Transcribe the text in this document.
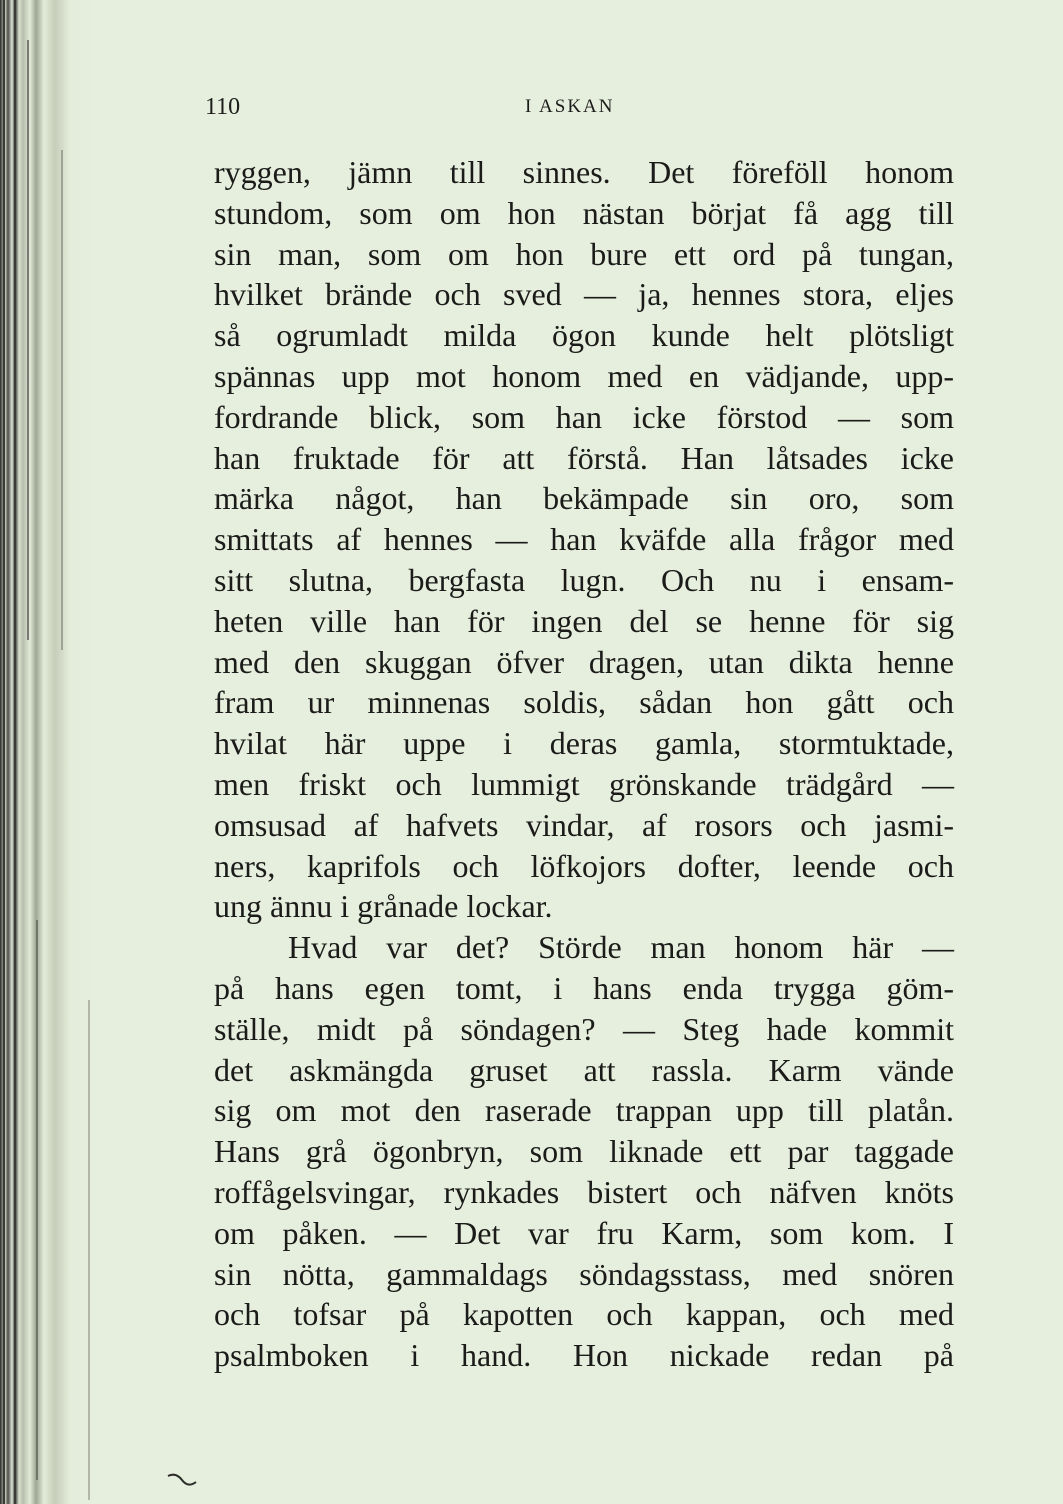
110	I ASKAN
ryggen, jämn till sinnes. Det föreföll honom
stundom, som om hon nästan börjat få agg till
sin man, som om hon bure ett ord på tungan,
hvilket brände och sved — ja, hennes stora, eljes
så ogrumladt milda ögon kunde helt plötsligt
spännas upp mot honom med en vädjande, upp-
fordrande blick, som han icke förstod — som
han fruktade för att förstå. Han låtsades icke
märka något, han bekämpade sin oro, som
smittats af hennes — han kväfde alla frågor med
sitt slutna, bergfasta lugn. Och nu i ensam-
heten ville han för ingen del se henne för sig
med den skuggan öfver dragen, utan dikta henne
fram ur minnenas soldis, sådan hon gått och
hvilat här uppe i deras gamla, stormtuktade,
men friskt och lummigt grönskande trädgård —
omsusad af hafvets vindar, af rosors och jasmi-
ners, kaprifols och löfkojors dofter, leende och
ung ännu i grånade lockar.
Hvad var det? Störde man honom här —
på hans egen tomt, i hans enda trygga göm-
ställe, midt på söndagen? — Steg hade kommit
det askmängda gruset att rassla. Karm vände
sig om mot den raserade trappan upp till platån.
Hans grå ögonbryn, som liknade ett par taggade
roffågelsvingar, rynkades bistert och näfven knöts
om påken. — Det var fru Karm, som kom. I
sin nötta, gammaldags söndagsstass, med snören
och tofsar på kapotten och kappan, och med
psalmboken i hand. Hon nickade redan på
